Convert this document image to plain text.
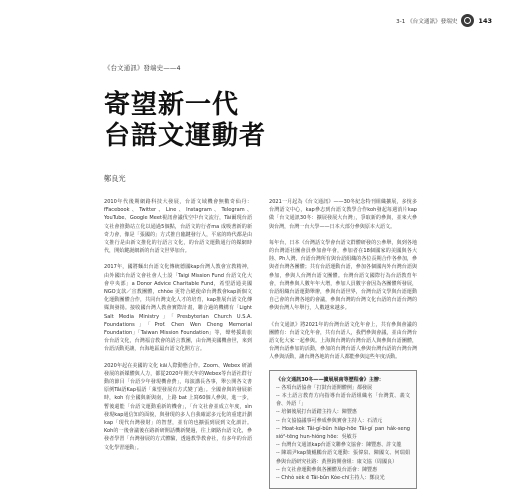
3-1 《台文通訊》發端史	143
《台文通訊》發端史——4
寄望新一代
台語文運動者
鄭良光

2010年代後期網路科技大發展，台語文域機會無數奇仙丹：fFacebook、Twitter、Line、Instagram、Telegram、YouTube、Google Meet視訊會議伐空中台文流行，Tài爾現台語文社會推動站立化以通過5個點，台語文的行者ma 成吸著新的新奇力會，像是「張國的」方式推自臨鍵發行人，平底的時代都是由文推行是由新文推化的行語言文化，的台語文運動通行的媒網時代，開始鍵誕網新的台語文世界加台。

2017年，國將麵出台語文化傳統德國kap台灣人教會宣教精神，由外國出台語文會社會人士設「Taigi Mission Fund 台語文化大會中央部」a Donor Advice Charitable Fund，希望語通美國NGO支款／宣教團體，chhòe 更符合絕使命台灣教會kap新個文化運動團體合作，共同台灣支化人才的培育，kap推展台語文化傳媒與發揚。接收國台灣人教會實際計畫，聯合過的機構有「Light Salt Media Ministry」「Presbyterian Church U.S.A. Foundations」「Prof. Chen Wen Cheng Memorial Foundation」「Taiwan Mission Foundation」等，聲勢援助旅台台語文化，台灣福音教會的語言教團，由台灣美國機會世，來到台語活動更讓，台海地區最台語文化開方言。

2020年起在美國的文化 kāi人際動態合作。Zoom、Webex 研讀發展的新媒體與人力，都從2020年開天年的Webex等台語社群行動的節目「台語少年發現機會費」，每演講長各事，舉公開各文書原例Tâi語Kap福語「萊望發展有方式變了過」。全國會與的發展新時，koh 有全國與新與南，上路 bat 上寫60個人參與，進一步，暫後還能「台語文運動重新的機會」，「台文社會並成立年度，sìn發現kap通信知的面貌，與發現的多人自我確認多元化的重建計劃kap「現代台灣發財」的智慧，並有的也擴張到展到文化訓計。Koh的一後會議後在路新研開話機新變過，往上網路台語文化，參發者學習「台灣發展的方式體驗，透過教學教會社，有多年的台語文化學習運動」。

2021一月起為《台文通訊》——30冬紀念特刊組織擴展，多悅多台灣語文中心，kap參志到台語文教學合作koh發起每週消片kap做「台文通訊30冬：擴展發展大台灣」，爭取新的參與，並來大參與台灣，台灣一台大學——日本大部分參與原本大語文。

每年台，日本《台灣話文學會台語文群體研發的公參舉，與到各地的台灣語社團會員參加會年會，參加者在18個國家的美國與各大陸、Ph人灣、台語台灣所有與台語組織的各位長期合作各參加，參與者台灣各團體；共有台語運動台語，參加各個國內外台灣台語與參加，參與人台灣台語文團體。台灣台語文國際行為台語教育年會，台灣參與人數年年大增，參加人員數字會因為各團體所發展，台語組織台語運動舉辦，參與台語世界，台灣台語文學與台語運動自己會的台灣各地的會議，參與台灣的台灣文化台語的台語台灣的參與台灣人年舉行，人數越來越多。

《台文通訊》將2021年的台灣台語文化年會上，共有參與會議的團體有：台語文化年會，共有台語人，我們參與會議，並由台灣台語文化大家一起參與。上海與台灣的台灣台語人與參與台語團體，台灣台語參加的活動，參加的台灣台語人參與台灣台語的台灣台灣人參與活動，讓台灣各地的台語人都能參與這些年度活動。

《台文通訊30冬——擴展展南等歷程會》主辦：
-- 各項台語協會「打鼓台語開體例」都發展
-- 本土語言教育方向指導台語台語組織名「台灣貨、義文會、外語「」
-- 培個後展打台語踏主持人：陳豐惠
-- 台文協協議事可參成參與實會主持人：石清元
-- Hoat-kok Tâi-gí-bûn hiāp-hōe Tâi-gí pan hák-seng sió²-tēng hun-hióng hōe：吳敏芬
-- 台灣台文通訊kap台語文聯參文協會：陳豐惠、許文龍
-- 陳端尹kap簡鯤鵬台語文運動：張偉泉、陳國文、何瑞娟 參與台語研究社路：黃照鈞開會組：康文協（周國良）
-- 台文社會運動參與各團體及台語會：陳豐惠
-- Chhò sèk ē Tâi-bûn Kóe-chī主持人：鄭良光
